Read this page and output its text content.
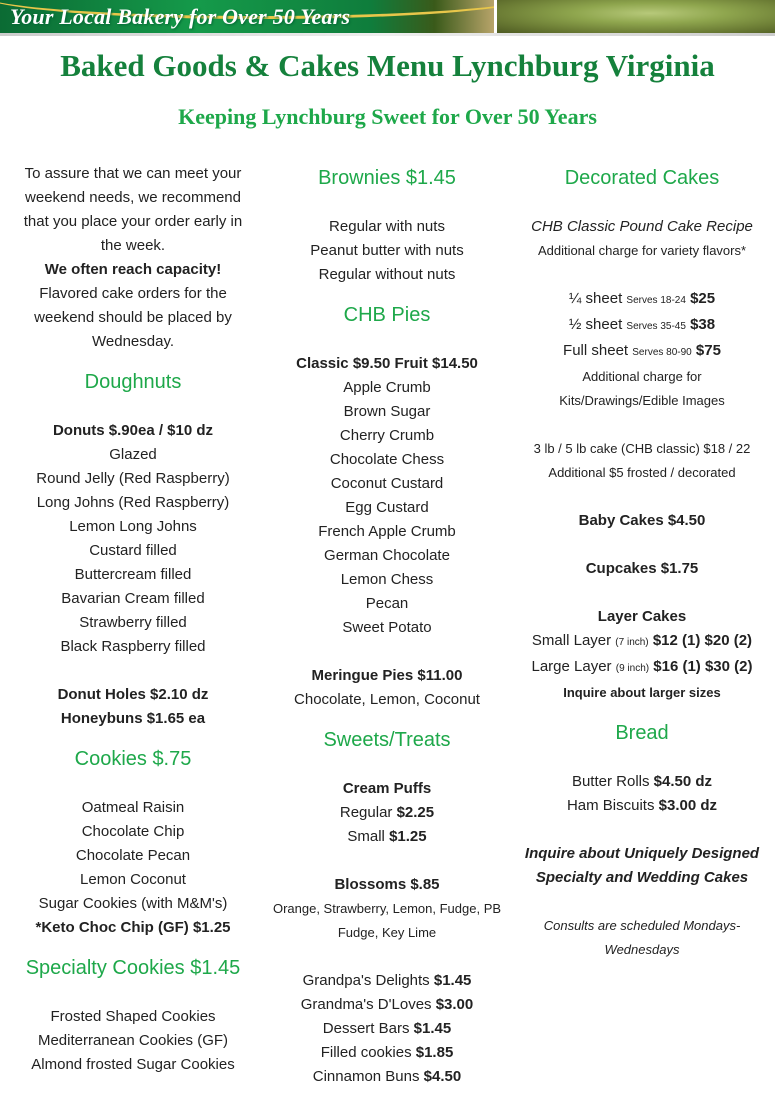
Your Local Bakery for Over 50 Years
Baked Goods & Cakes Menu Lynchburg Virginia
Keeping Lynchburg Sweet for Over 50 Years
To assure that we can meet your weekend needs, we recommend that you place your order early in the week.
We often reach capacity!
Flavored cake orders for the weekend should be placed by Wednesday.
Doughnuts
Donuts $.90ea / $10 dz
Glazed
Round Jelly (Red Raspberry)
Long Johns (Red Raspberry)
Lemon Long Johns
Custard filled
Buttercream filled
Bavarian Cream filled
Strawberry filled
Black Raspberry filled
Donut Holes $2.10 dz
Honeybuns $1.65 ea
Cookies $.75
Oatmeal Raisin
Chocolate Chip
Chocolate Pecan
Lemon Coconut
Sugar Cookies (with M&M's)
*Keto Choc Chip (GF) $1.25
Specialty Cookies $1.45
Frosted Shaped Cookies
Mediterranean Cookies (GF)
Almond frosted Sugar Cookies
Brownies $1.45
Regular with nuts
Peanut butter with nuts
Regular without nuts
CHB Pies
Classic $9.50 Fruit $14.50
Apple Crumb
Brown Sugar
Cherry Crumb
Chocolate Chess
Coconut Custard
Egg Custard
French Apple Crumb
German Chocolate
Lemon Chess
Pecan
Sweet Potato
Meringue Pies $11.00
Chocolate, Lemon, Coconut
Sweets/Treats
Cream Puffs
Regular $2.25
Small $1.25
Blossoms $.85
Orange, Strawberry, Lemon, Fudge, PB Fudge, Key Lime
Grandpa's Delights $1.45
Grandma's D'Loves $3.00
Dessert Bars $1.45
Filled cookies $1.85
Cinnamon Buns $4.50
Decorated Cakes
CHB Classic Pound Cake Recipe
Additional charge for variety flavors*
¼ sheet Serves 18-24 $25
½ sheet Serves 35-45 $38
Full sheet Serves 80-90 $75
Additional charge for Kits/Drawings/Edible Images
3 lb / 5 lb cake (CHB classic) $18 / 22
Additional $5 frosted / decorated
Baby Cakes $4.50
Cupcakes $1.75
Layer Cakes
Small Layer (7 inch) $12 (1) $20 (2)
Large Layer (9 inch) $16 (1) $30 (2)
Inquire about larger sizes
Bread
Butter Rolls $4.50 dz
Ham Biscuits $3.00 dz
Inquire about Uniquely Designed Specialty and Wedding Cakes
Consults are scheduled Mondays-Wednesdays
